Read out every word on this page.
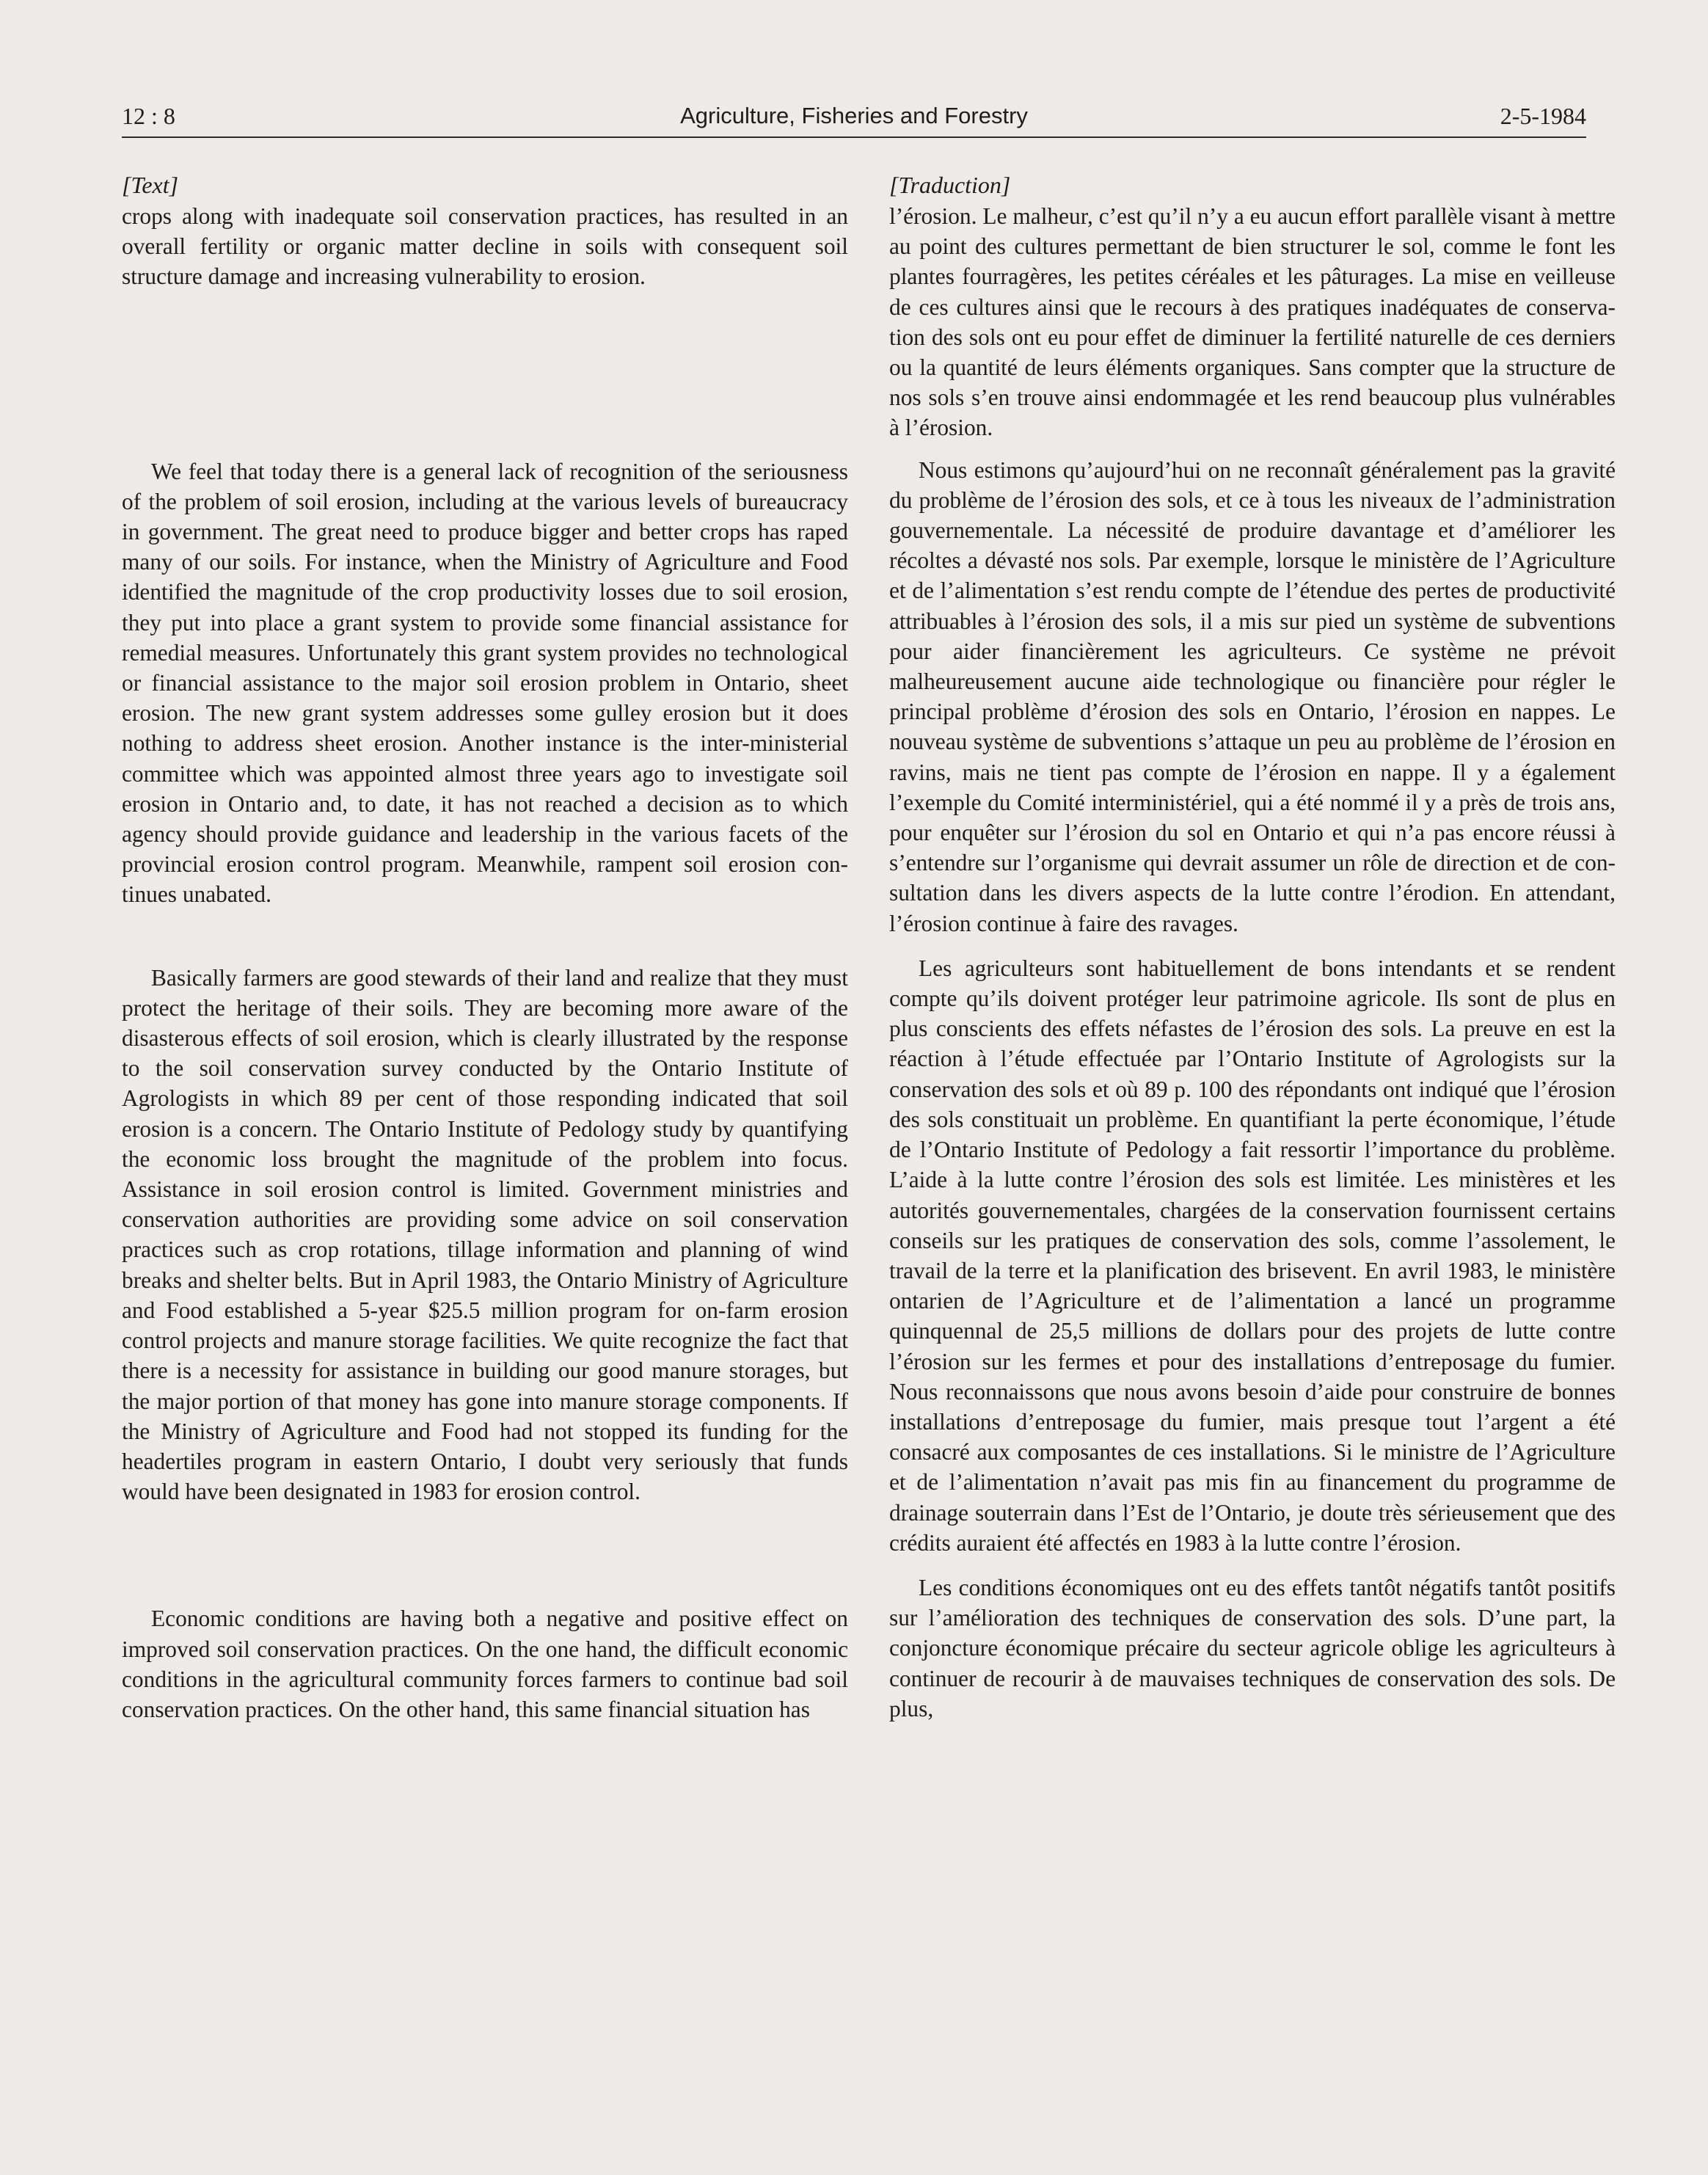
12 : 8	Agriculture, Fisheries and Forestry	2-5-1984
[Text]

crops along with inadequate soil conservation practices, has resulted in an overall fertility or organic matter decline in soils with consequent soil structure damage and increasing vulnerability to erosion.

We feel that today there is a general lack of recognition of the seriousness of the problem of soil erosion, including at the various levels of bureaucracy in government. The great need to produce bigger and better crops has raped many of our soils. For instance, when the Ministry of Agriculture and Food identified the magnitude of the crop productivity losses due to soil erosion, they put into place a grant system to provide some financial assistance for remedial measures. Unfortunately this grant system provides no technological or financial assistance to the major soil erosion problem in Ontario, sheet erosion. The new grant system addresses some gulley erosion but it does nothing to address sheet erosion. Another instance is the inter-ministerial committee which was appointed almost three years ago to investigate soil erosion in Ontario and, to date, it has not reached a decision as to which agency should provide guidance and leadership in the various facets of the provincial erosion control program. Meanwhile, rampent soil erosion continues unabated.

Basically farmers are good stewards of their land and realize that they must protect the heritage of their soils. They are becoming more aware of the disasterous effects of soil erosion, which is clearly illustrated by the response to the soil conservation survey conducted by the Ontario Institute of Agrologists in which 89 per cent of those responding indicated that soil erosion is a concern. The Ontario Institute of Pedology study by quantifying the economic loss brought the magnitude of the problem into focus. Assistance in soil erosion control is limited. Government ministries and conservation authorities are providing some advice on soil conservation practices such as crop rotations, tillage information and planning of wind breaks and shelter belts. But in April 1983, the Ontario Ministry of Agriculture and Food established a 5-year $25.5 million program for on-farm erosion control projects and manure storage facilities. We quite recognize the fact that there is a necessity for assistance in building our good manure storages, but the major portion of that money has gone into manure storage components. If the Ministry of Agriculture and Food had not stopped its funding for the headertiles program in eastern Ontario, I doubt very seriously that funds would have been designated in 1983 for erosion control.

Economic conditions are having both a negative and positive effect on improved soil conservation practices. On the one hand, the difficult economic conditions in the agricultural community forces farmers to continue bad soil conservation practices. On the other hand, this same financial situation has

[Traduction]

l’érosion. Le malheur, c’est qu’il n’y a eu aucun effort parallèle visant à mettre au point des cultures permettant de bien structurer le sol, comme le font les plantes fourragères, les petites céréales et les pâturages. La mise en veilleuse de ces cultures ainsi que le recours à des pratiques inadéquates de conservation des sols ont eu pour effet de diminuer la fertilité naturelle de ces derniers ou la quantité de leurs éléments organiques. Sans compter que la structure de nos sols s’en trouve ainsi endommagée et les rend beaucoup plus vulnérables à l’érosion.

Nous estimons qu’aujourd’hui on ne reconnaît généralement pas la gravité du problème de l’érosion des sols, et ce à tous les niveaux de l’administration gouvernementale. La nécessité de produire davantage et d’améliorer les récoltes a dévasté nos sols. Par exemple, lorsque le ministère de l’Agriculture et de l’alimentation s’est rendu compte de l’étendue des pertes de productivité attribuables à l’érosion des sols, il a mis sur pied un système de subventions pour aider financièrement les agriculteurs. Ce système ne prévoit malheureusement aucune aide technologique ou financière pour régler le principal problème d’érosion des sols en Ontario, l’érosion en nappes. Le nouveau système de subventions s’attaque un peu au problème de l’érosion en ravins, mais ne tient pas compte de l’érosion en nappe. Il y a également l’exemple du Comité interministériel, qui a été nommé il y a près de trois ans, pour enquêter sur l’érosion du sol en Ontario et qui n’a pas encore réussi à s’entendre sur l’organisme qui devrait assumer un rôle de direction et de consultation dans les divers aspects de la lutte contre l’érodion. En attendant, l’érosion continue à faire des ravages.

Les agriculteurs sont habituellement de bons intendants et se rendent compte qu’ils doivent protéger leur patrimoine agricole. Ils sont de plus en plus conscients des effets néfastes de l’érosion des sols. La preuve en est la réaction à l’étude effectuée par l’Ontario Institute of Agrologists sur la conservation des sols et où 89 p. 100 des répondants ont indiqué que l’érosion des sols constituait un problème. En quantifiant la perte économique, l’étude de l’Ontario Institute of Pedology a fait ressortir l’importance du problème. L’aide à la lutte contre l’érosion des sols est limitée. Les ministères et les autorités gouvernementales, chargées de la conservation fournissent certains conseils sur les pratiques de conservation des sols, comme l’assolement, le travail de la terre et la planification des brisevent. En avril 1983, le ministère ontarien de l’Agriculture et de l’alimentation a lancé un programme quinquennal de 25,5 millions de dollars pour des projets de lutte contre l’érosion sur les fermes et pour des installations d’entreposage du fumier. Nous reconnaissons que nous avons besoin d’aide pour construire de bonnes installations d’entreposage du fumier, mais presque tout l’argent a été consacré aux composantes de ces installations. Si le ministre de l’Agriculture et de l’alimentation n’avait pas mis fin au financement du programme de drainage souterrain dans l’Est de l’Ontario, je doute très sérieusement que des crédits auraient été affectés en 1983 à la lutte contre l’érosion.

Les conditions économiques ont eu des effets tantôt négatifs tantôt positifs sur l’amélioration des techniques de conservation des sols. D’une part, la conjoncture économique précaire du secteur agricole oblige les agriculteurs à continuer de recourir à de mauvaises techniques de conservation des sols. De plus,
